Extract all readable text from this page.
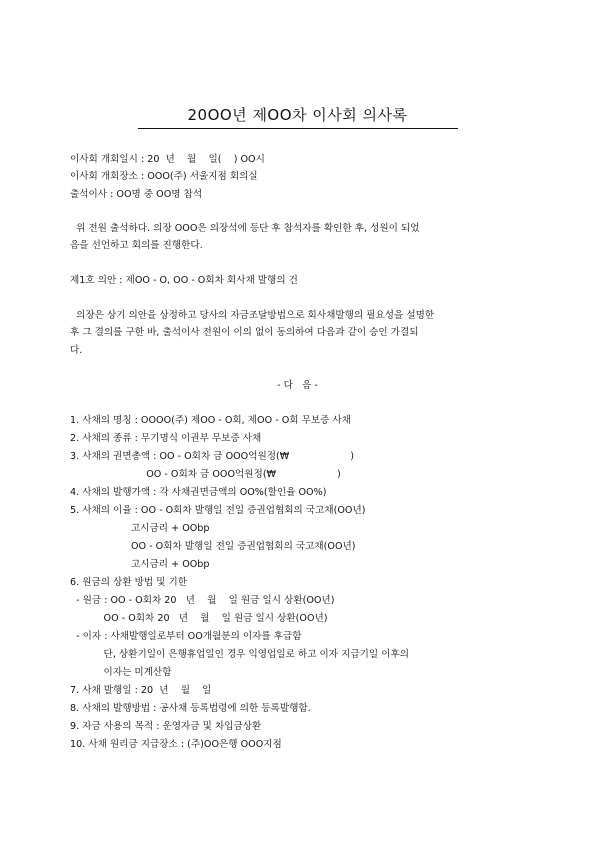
20OO년 제OO차 이사회 의사록
이사회 개회일시 : 20  년    월    일(    ) OO시
이사회 개회장소 : OOO(주) 서울지점 회의실
출석이사 : OO명 중 OO명 참석
위 전원 출석하다. 의장 OOO은 의장석에 등단 후 참석자를 확인한 후, 성원이 되었
음을 선언하고 회의를 진행한다.
제1호 의안 : 제OO - O, OO - O회차 회사채 발행의 건
의장은 상기 의안을 상정하고 당사의 자금조달방법으로 회사채발행의 필요성을 설명한
후 그 결의를 구한 바, 출석이사 전원이 이의 없이 동의하여 다음과 같이 승인 가결되
다.
- 다   음 -
1. 사채의 명칭 : OOOO(주) 제OO - O회, 제OO - O회 무보증 사채
2. 사채의 종류 : 무기명식 이권부 무보증 사채
3. 사채의 권면총액 : OO - O회차 금 OOO억원정(₩                    )
OO - O회차 금 OOO억원정(₩                    )
4. 사채의 발행가액 : 각 사채권면금액의 OO%(할인율 OO%)
5. 사채의 이율 : OO - O회차 발행일 전일 증권업협회의 국고채(OO년)
고시금리 + OObp
OO - O회차 발행일 전일 증권업협회의 국고채(OO년)
고시금리 + OObp
6. 원금의 상환 방법 및 기한
- 원금 : OO - O회차 20   년    월    일 원금 일시 상환(OO년)
OO - O회차 20   년    월    일 원금 일시 상환(OO년)
- 이자 : 사채발행일로부터 OO개월분의 이자를 후급함
단, 상환기일이 은행휴업일인 경우 익영업일로 하고 이자 지급기일 이후의
이자는 미계산함
7. 사채 발행일 : 20  년    월    일
8. 사채의 발행방법 : 공사채 등록법령에 의한 등록발행함.
9. 자금 사용의 목적 : 운영자금 및 차입금상환
10. 사채 원리금 지급장소 : (주)OO은행 OOO지점
